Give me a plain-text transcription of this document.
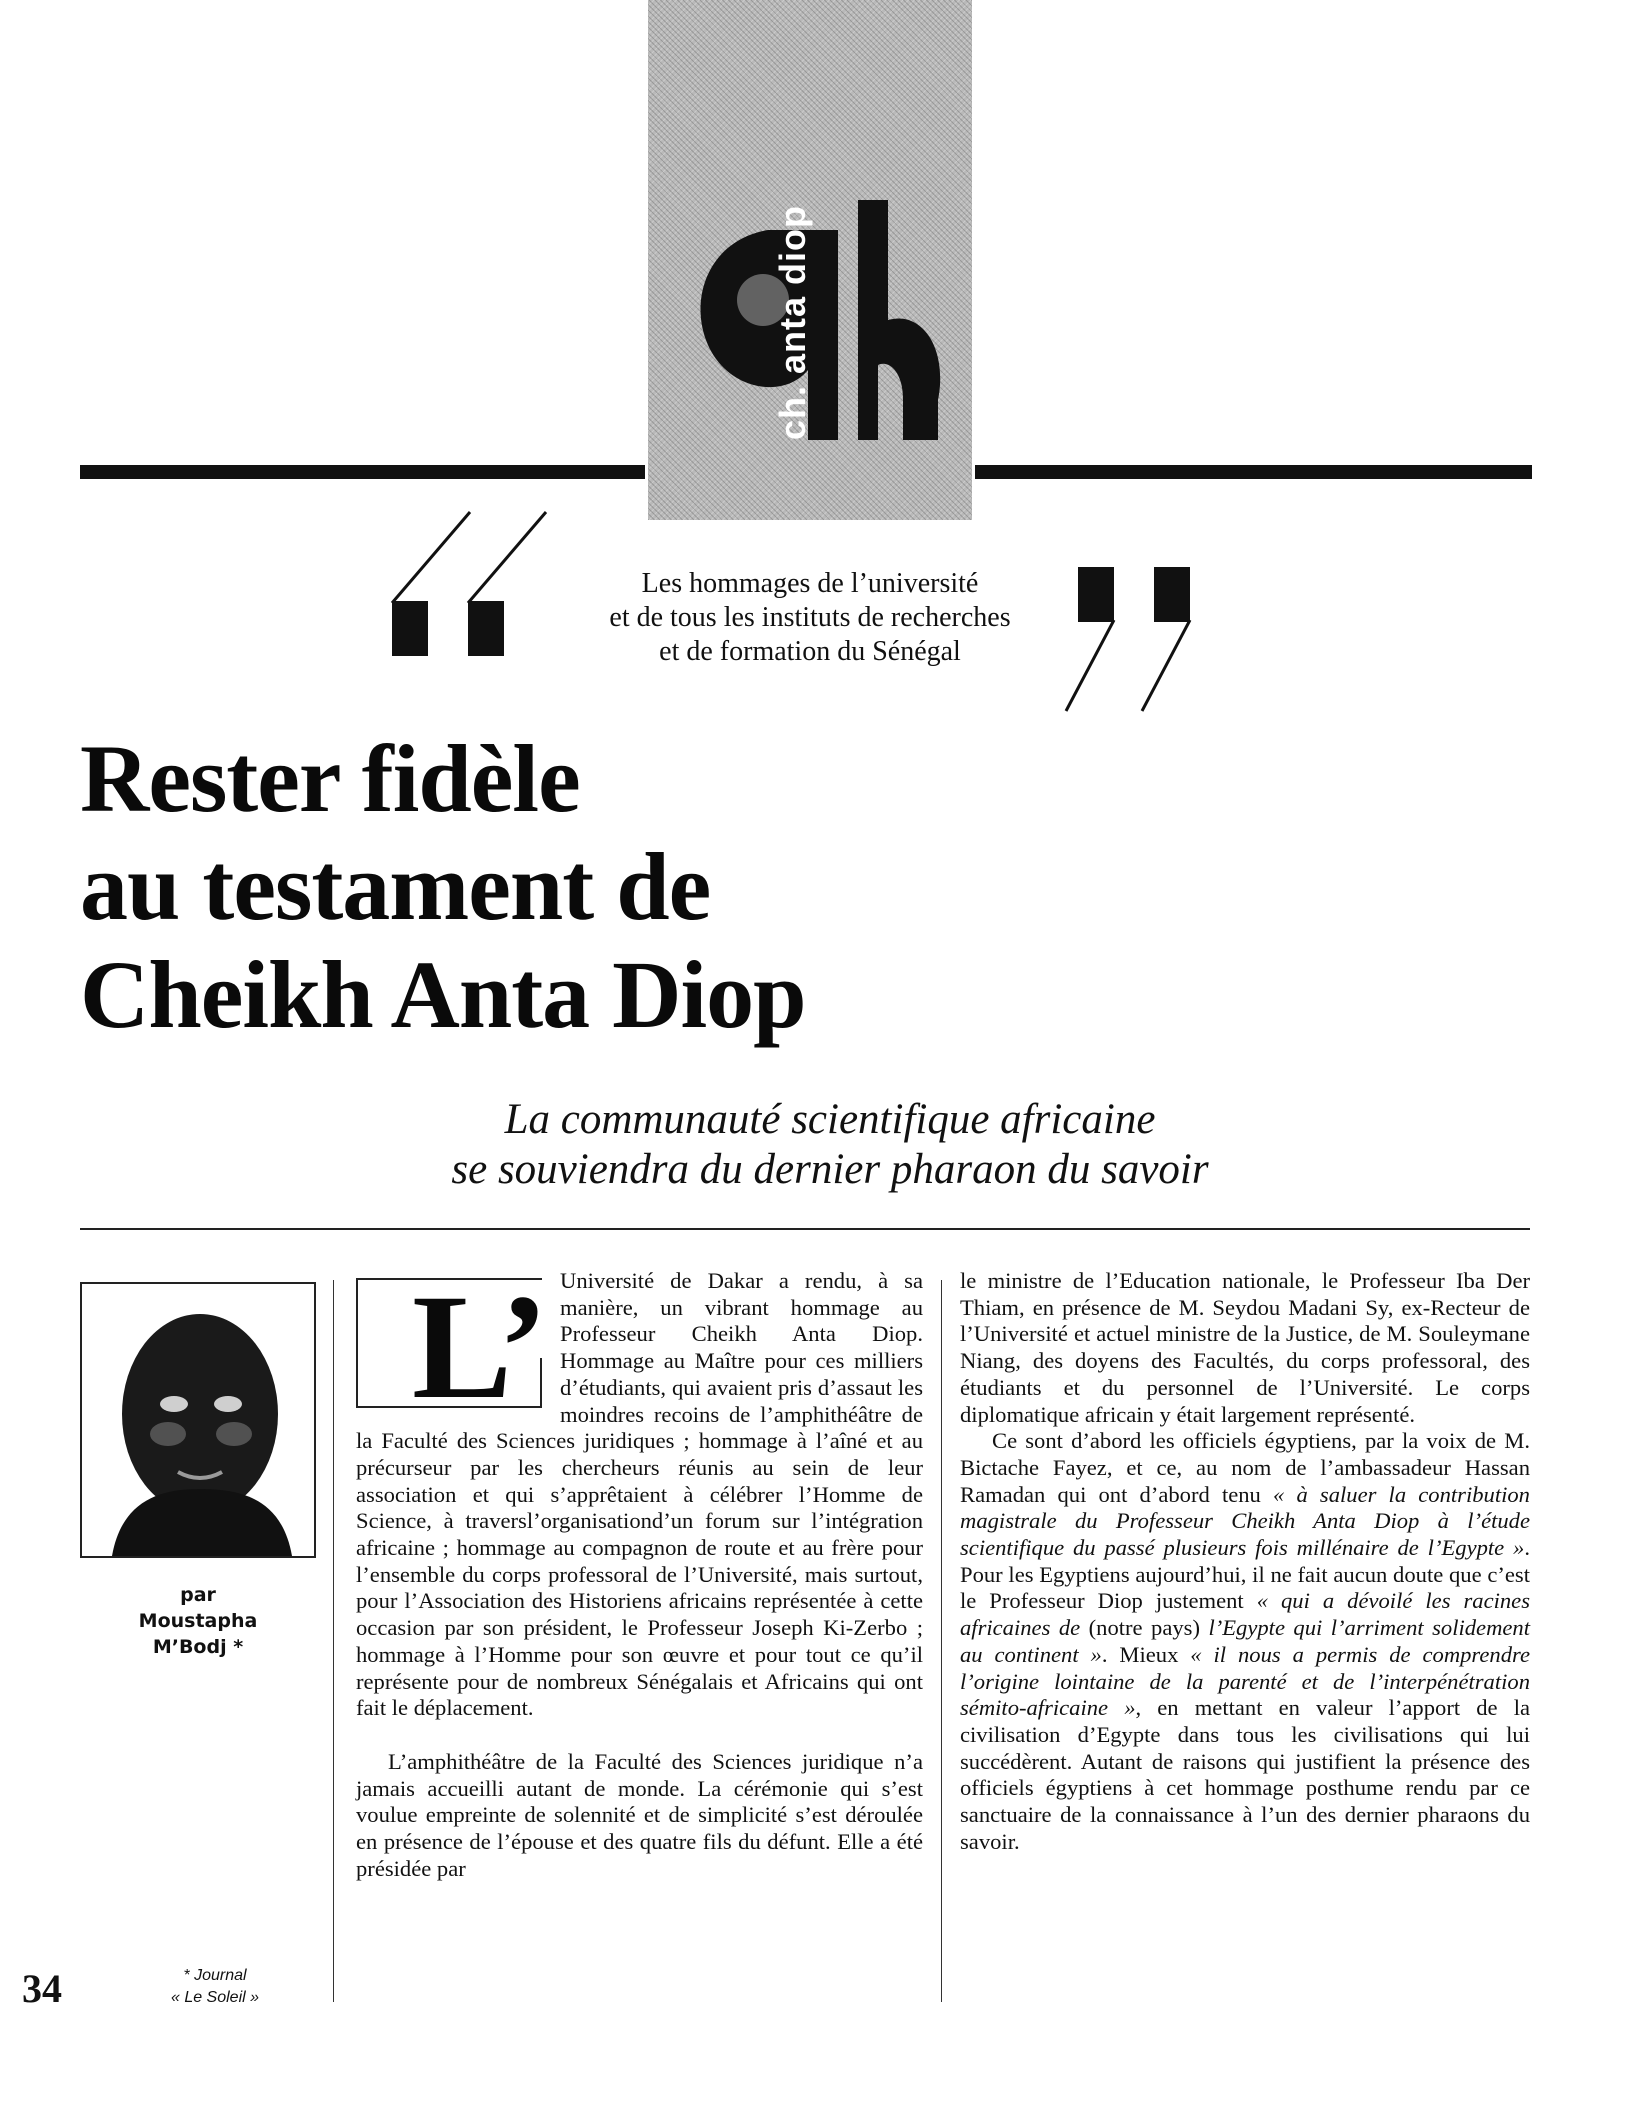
ch. anta diop
Les hommages de l’université
et de tous les instituts de recherches
et de formation du Sénégal
Rester fidèle
au testament de
Cheikh Anta Diop
La communauté scientifique africaine
se souviendra du dernier pharaon du savoir
par
Moustapha
M’Bodj *
34	* Journal
« Le Soleil »
L’ Université de Dakar a rendu, à sa manière, un vibrant hommage au Professeur Cheikh Anta Diop. Hommage au Maître pour ces milliers d’étudiants, qui avaient pris d’assaut les moindres recoins de l’amphithéâtre de la Faculté des Sciences juridiques ; hommage à l’aîné et au précurseur par les chercheurs réunis au sein de leur association et qui s’apprêtaient à célébrer l’Homme de Science, à traversl’organisationd’un forum sur l’intégration africaine ; hommage au compagnon de route et au frère pour l’ensemble du corps professoral de l’Université, mais surtout, pour l’Association des Historiens africains représentée à cette occasion par son président, le Professeur Joseph Ki-Zerbo ; hommage à l’Homme pour son œuvre et pour tout ce qu’il représente pour de nombreux Sénégalais et Africains qui ont fait le déplacement.

L’amphithéâtre de la Faculté des Sciences juridique n’a jamais accueilli autant de monde. La cérémonie qui s’est voulue empreinte de solennité et de simplicité s’est déroulée en présence de l’épouse et des quatre fils du défunt. Elle a été présidée par

le ministre de l’Education nationale, le Professeur Iba Der Thiam, en présence de M. Seydou Madani Sy, ex-Recteur de l’Université et actuel ministre de la Justice, de M. Souleymane Niang, des doyens des Facultés, du corps professoral, des étudiants et du personnel de l’Université. Le corps diplomatique africain y était largement représenté.

Ce sont d’abord les officiels égyptiens, par la voix de M. Bictache Fayez, et ce, au nom de l’ambassadeur Hassan Ramadan qui ont d’abord tenu « à saluer la contribution magistrale du Professeur Cheikh Anta Diop à l’étude scientifique du passé plusieurs fois millénaire de l’Egypte ». Pour les Egyptiens aujourd’hui, il ne fait aucun doute que c’est le Professeur Diop justement « qui a dévoilé les racines africaines de (notre pays) l’Egypte qui l’arriment solidement au continent ». Mieux « il nous a permis de comprendre l’origine lointaine de la parenté et de l’interpénétration sémito-africaine », en mettant en valeur l’apport de la civilisation d’Egypte dans tous les civilisations qui lui succédèrent. Autant de raisons qui justifient la présence des officiels égyptiens à cet hommage posthume rendu par ce sanctuaire de la connaissance à l’un des dernier pharaons du savoir.
